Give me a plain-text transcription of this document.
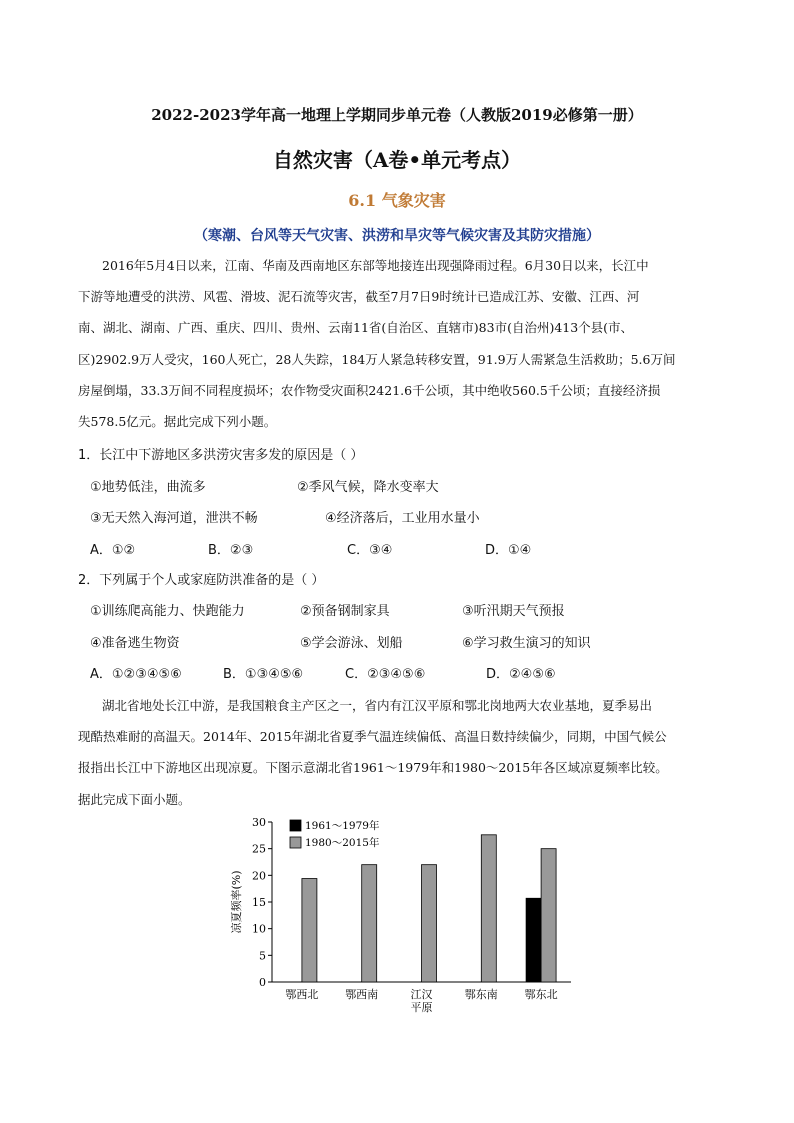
2022-2023学年高一地理上学期同步单元卷（人教版2019必修第一册）
自然灾害（A卷•单元考点）
6.1 气象灾害
（寒潮、台风等天气灾害、洪涝和旱灾等气候灾害及其防灾措施）
2016年5月4日以来，江南、华南及西南地区东部等地接连出现强降雨过程。6月30日以来，长江中
下游等地遭受的洪涝、风雹、滑坡、泥石流等灾害，截至7月7日9时统计已造成江苏、安徽、江西、河
南、湖北、湖南、广西、重庆、四川、贵州、云南11省(自治区、直辖市)83市(自治州)413个县(市、
区)2902.9万人受灾，160人死亡，28人失踪，184万人紧急转移安置，91.9万人需紧急生活救助；5.6万间
房屋倒塌，33.3万间不同程度损坏；农作物受灾面积2421.6千公顷，其中绝收560.5千公顷；直接经济损
失578.5亿元。据此完成下列小题。
1．长江中下游地区多洪涝灾害多发的原因是（ ）
①地势低洼，曲流多	②季风气候，降水变率大
③无天然入海河道，泄洪不畅	④经济落后，工业用水量小
A．①②	B．②③	C．③④	D．①④
2．下列属于个人或家庭防洪准备的是（ ）
①训练爬高能力、快跑能力	②预备钢制家具	③听汛期天气预报
④准备逃生物资	⑤学会游泳、划船	⑥学习救生演习的知识
A．①②③④⑤⑥	B．①③④⑤⑥	C．②③④⑤⑥	D．②④⑤⑥
湖北省地处长江中游，是我国粮食主产区之一，省内有江汉平原和鄂北岗地两大农业基地，夏季易出
现酷热难耐的高温天。2014年、2015年湖北省夏季气温连续偏低、高温日数持续偏少，同期，中国气候公
报指出长江中下游地区出现凉夏。下图示意湖北省1961～1979年和1980～2015年各区域凉夏频率比较。
据此完成下面小题。
0
5
10
15
20
25
30
凉夏频率(%)
鄂西北 鄂西南	江汉
平原
鄂东南 鄂东北
1961～1979年
1980～2015年
